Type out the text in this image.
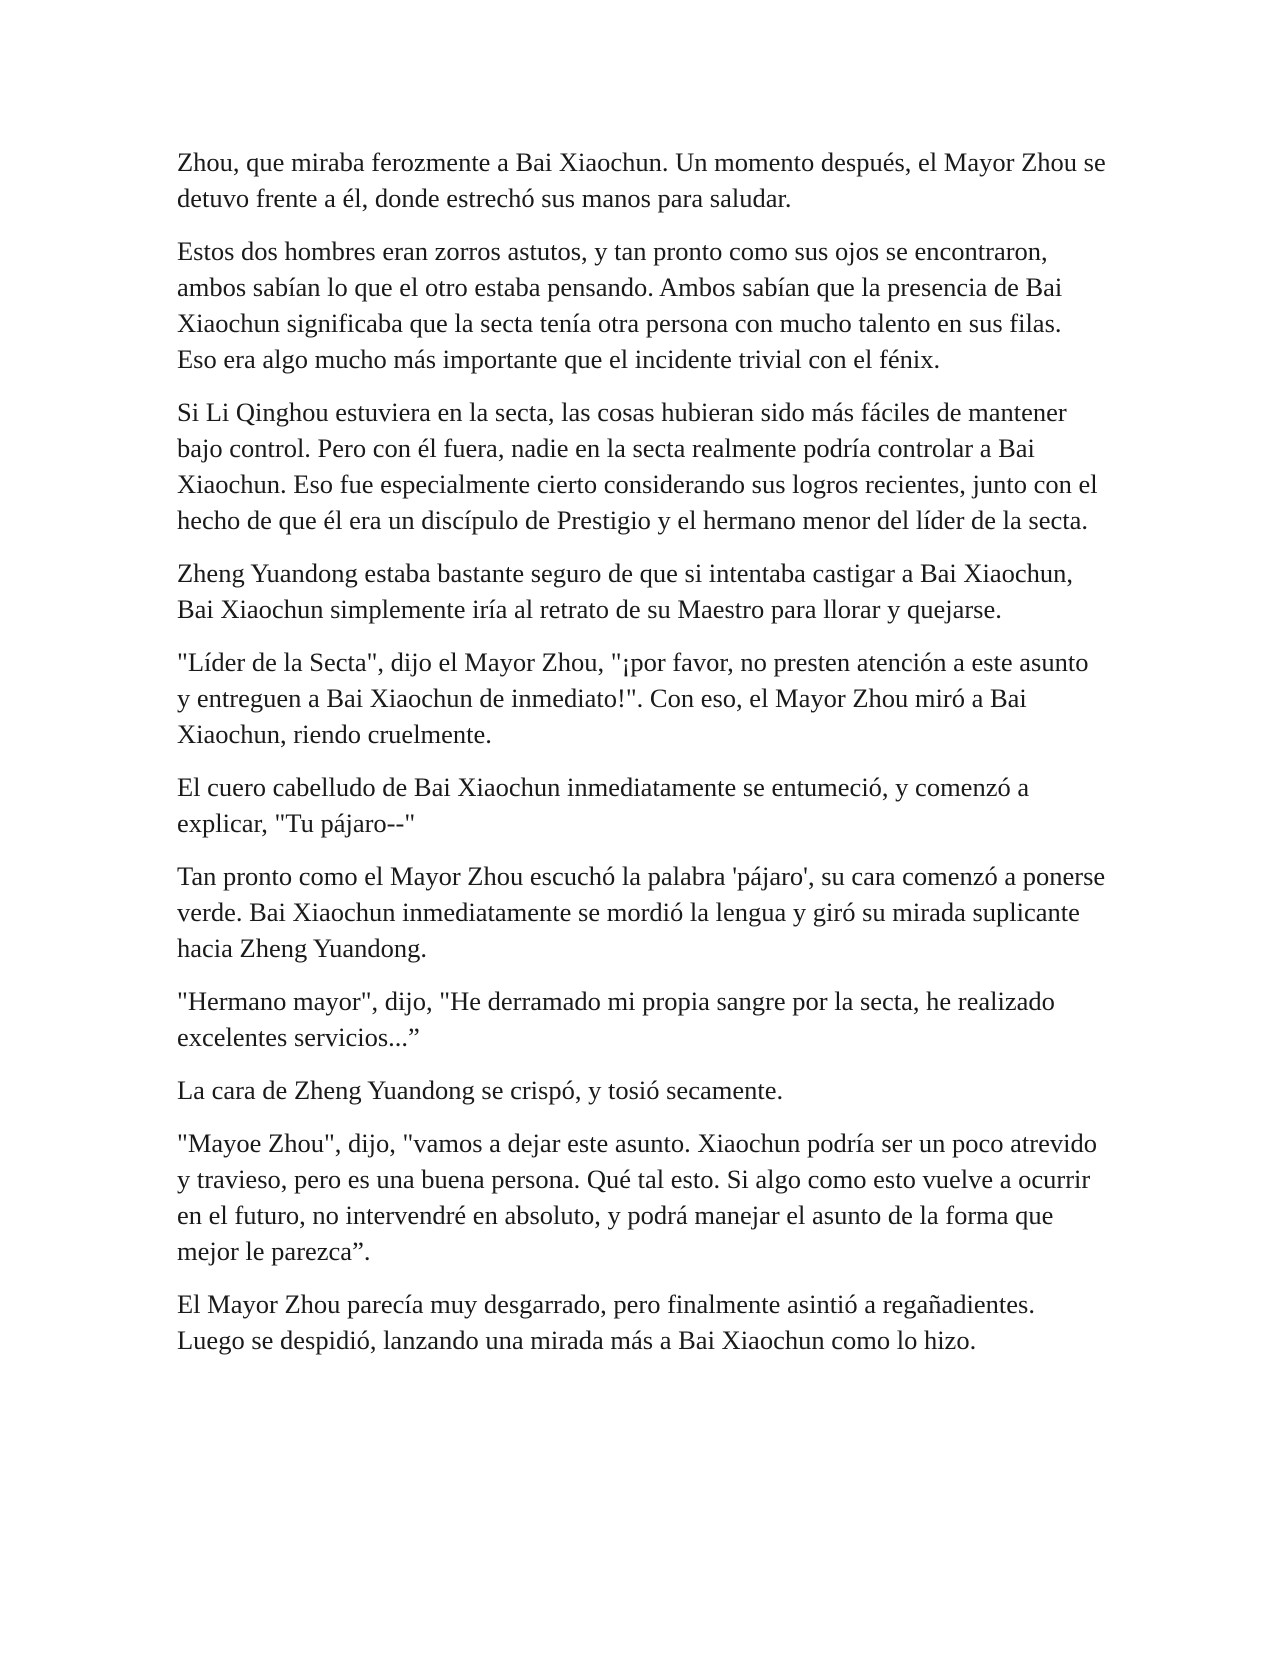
Zhou, que miraba ferozmente a Bai Xiaochun. Un momento después, el Mayor Zhou se detuvo frente a él, donde estrechó sus manos para saludar.

Estos dos hombres eran zorros astutos, y tan pronto como sus ojos se encontraron, ambos sabían lo que el otro estaba pensando. Ambos sabían que la presencia de Bai Xiaochun significaba que la secta tenía otra persona con mucho talento en sus filas. Eso era algo mucho más importante que el incidente trivial con el fénix.

Si Li Qinghou estuviera en la secta, las cosas hubieran sido más fáciles de mantener bajo control. Pero con él fuera, nadie en la secta realmente podría controlar a Bai Xiaochun. Eso fue especialmente cierto considerando sus logros recientes, junto con el hecho de que él era un discípulo de Prestigio y el hermano menor del líder de la secta.

Zheng Yuandong estaba bastante seguro de que si intentaba castigar a Bai Xiaochun, Bai Xiaochun simplemente iría al retrato de su Maestro para llorar y quejarse.

"Líder de la Secta", dijo el Mayor Zhou, "¡por favor, no presten atención a este asunto y entreguen a Bai Xiaochun de inmediato!". Con eso, el Mayor Zhou miró a Bai Xiaochun, riendo cruelmente.

El cuero cabelludo de Bai Xiaochun inmediatamente se entumeció, y comenzó a explicar, "Tu pájaro--"

Tan pronto como el Mayor Zhou escuchó la palabra 'pájaro', su cara comenzó a ponerse verde. Bai Xiaochun inmediatamente se mordió la lengua y giró su mirada suplicante hacia Zheng Yuandong.

"Hermano mayor", dijo, "He derramado mi propia sangre por la secta, he realizado excelentes servicios...”

La cara de Zheng Yuandong se crispó, y tosió secamente.

"Mayoe Zhou", dijo, "vamos a dejar este asunto. Xiaochun podría ser un poco atrevido y travieso, pero es una buena persona. Qué tal esto. Si algo como esto vuelve a ocurrir en el futuro, no intervendré en absoluto, y podrá manejar el asunto de la forma que mejor le parezca”.

El Mayor Zhou parecía muy desgarrado, pero finalmente asintió a regañadientes. Luego se despidió, lanzando una mirada más a Bai Xiaochun como lo hizo.
